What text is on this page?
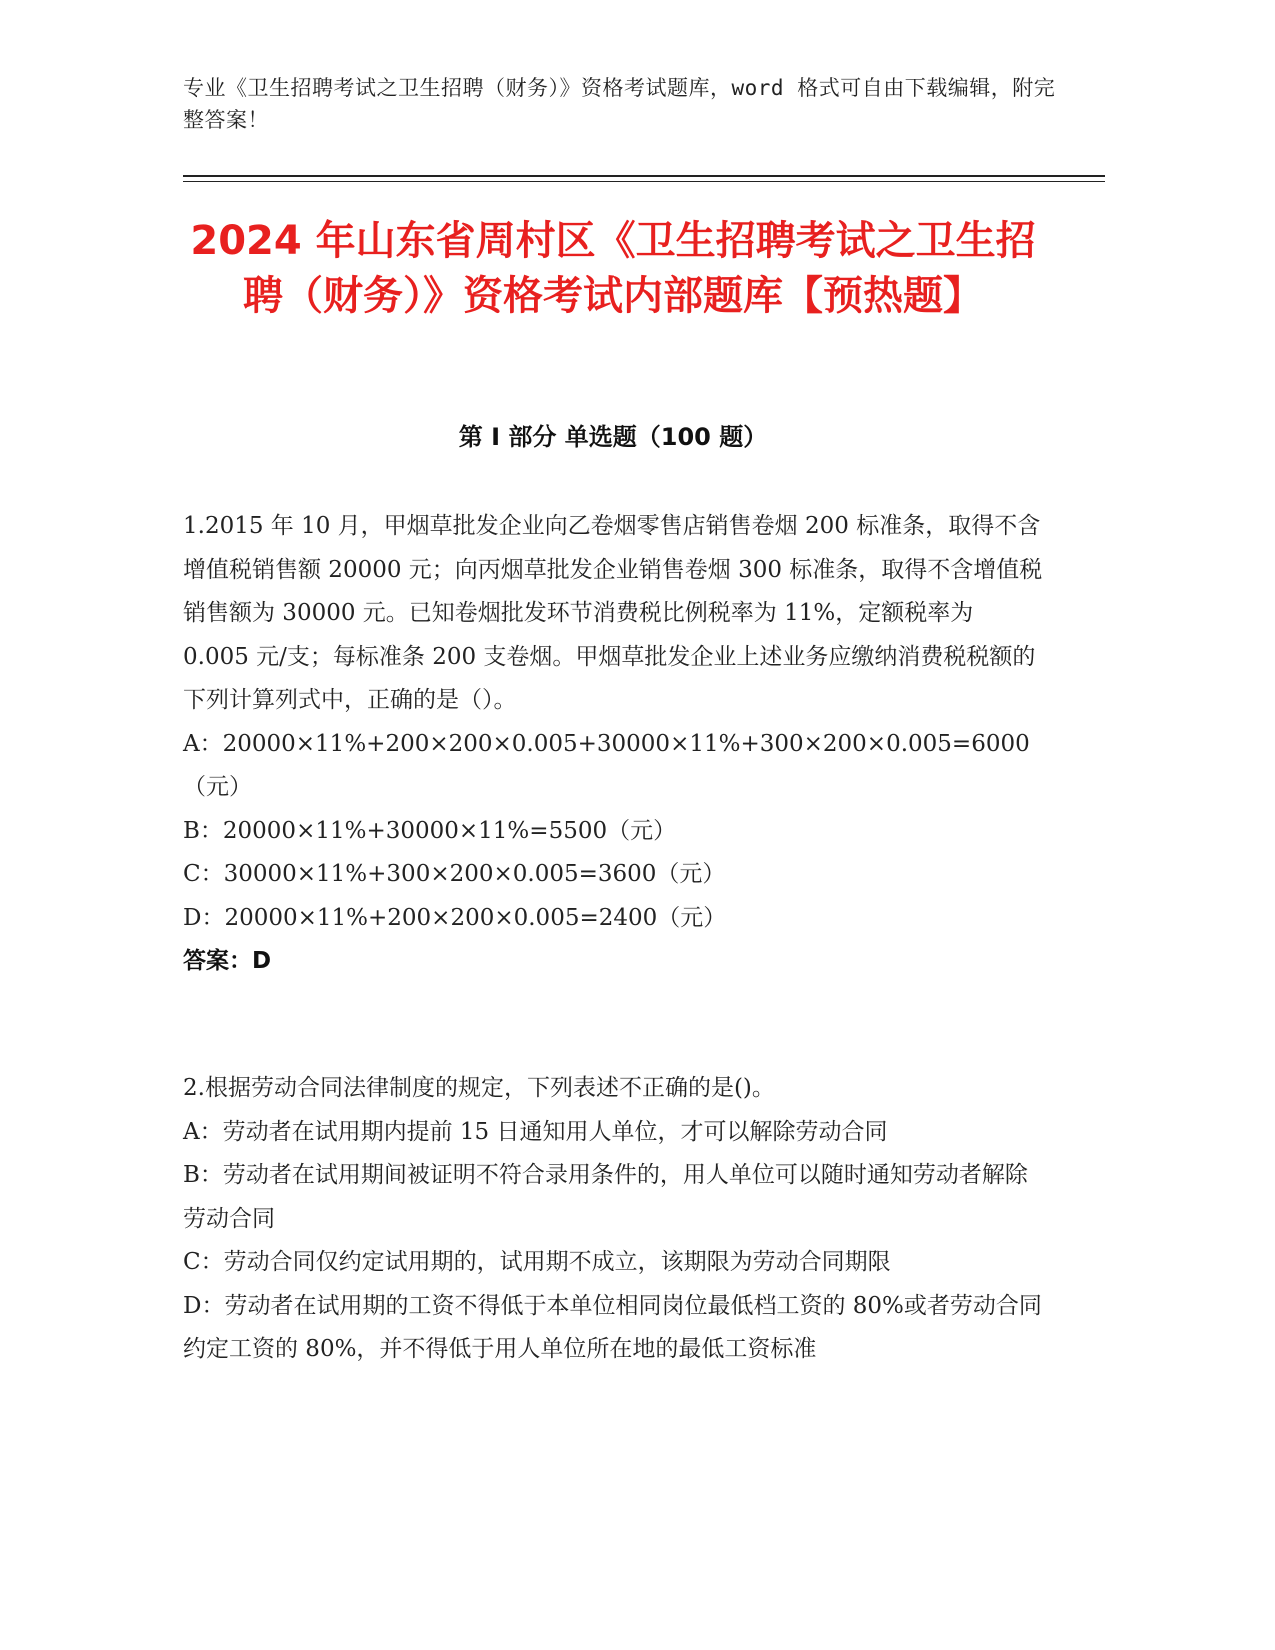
专业《卫生招聘考试之卫生招聘（财务）》资格考试题库，word 格式可自由下载编辑，附完整答案！
2024 年山东省周村区《卫生招聘考试之卫生招聘（财务）》资格考试内部题库【预热题】
第 I 部分 单选题（100 题）

1.2015 年 10 月，甲烟草批发企业向乙卷烟零售店销售卷烟 200 标准条，取得不含增值税销售额 20000 元；向丙烟草批发企业销售卷烟 300 标准条，取得不含增值税销售额为 30000 元。已知卷烟批发环节消费税比例税率为 11%，定额税率为 0.005 元/支；每标准条 200 支卷烟。甲烟草批发企业上述业务应缴纳消费税税额的下列计算列式中，正确的是（）。

A：20000×11%+200×200×0.005+30000×11%+300×200×0.005=6000（元）

B：20000×11%+30000×11%=5500（元）

C：30000×11%+300×200×0.005=3600（元）

D：20000×11%+200×200×0.005=2400（元）

答案：D

2.根据劳动合同法律制度的规定，下列表述不正确的是()。

A：劳动者在试用期内提前 15 日通知用人单位，才可以解除劳动合同

B：劳动者在试用期间被证明不符合录用条件的，用人单位可以随时通知劳动者解除劳动合同

C：劳动合同仅约定试用期的，试用期不成立，该期限为劳动合同期限

D：劳动者在试用期的工资不得低于本单位相同岗位最低档工资的 80%或者劳动合同约定工资的 80%，并不得低于用人单位所在地的最低工资标准
